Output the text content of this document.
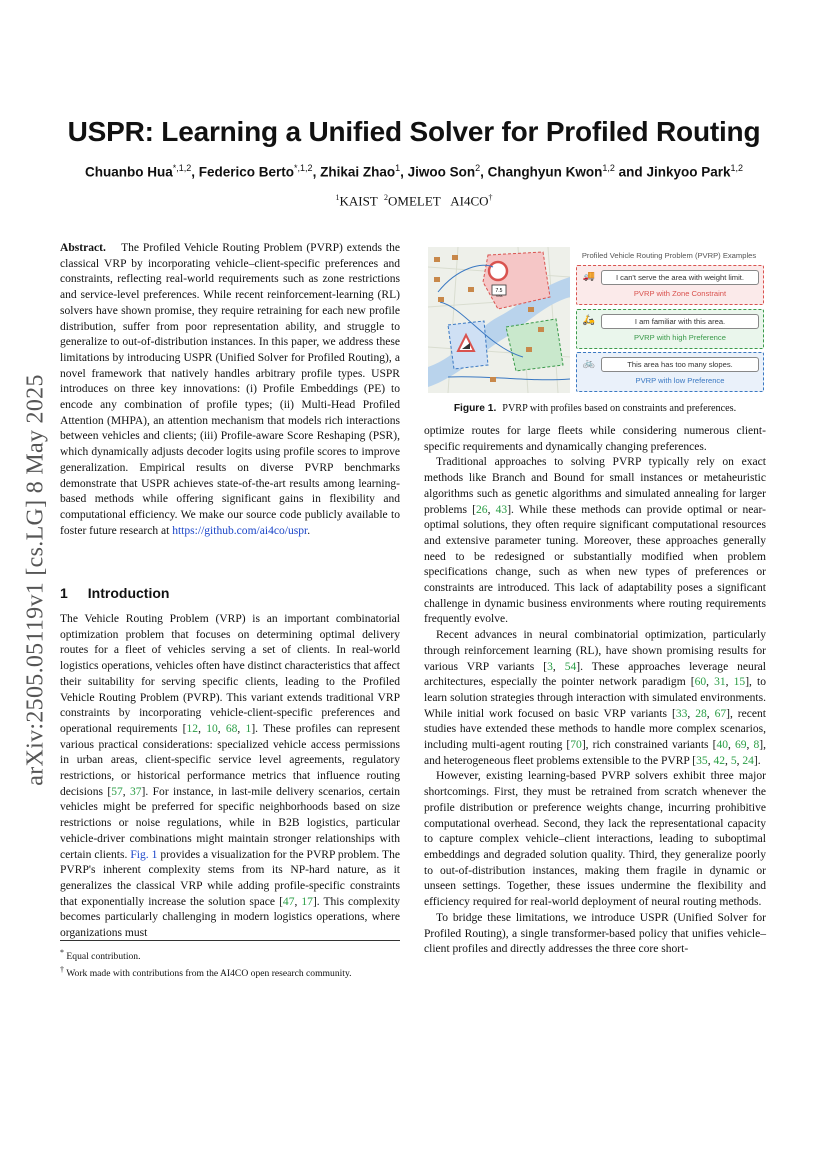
arXiv:2505.05119v1 [cs.LG] 8 May 2025
USPR: Learning a Unified Solver for Profiled Routing
Chuanbo Hua$^{*,1,2}$, Federico Berto$^{*,1,2}$, Zhikai Zhao$^1$, Jiwoo Son$^2$, Changhyun Kwon$^{1,2}$ and Jinkyoo Park$^{1,2}$
$^1$KAIST $^2$OMELET AI4CO†

Abstract. The Profiled Vehicle Routing Problem (PVRP) extends the classical VRP by incorporating vehicle–client-specific preferences and constraints, reflecting real-world requirements such as zone restrictions and service-level preferences. While recent reinforcement-learning (RL) solvers have shown promise, they require retraining for each new profile distribution, suffer from poor representation ability, and struggle to generalize to out-of-distribution instances. In this paper, we address these limitations by introducing USPR (Unified Solver for Profiled Routing), a novel framework that natively handles arbitrary profile types. USPR introduces on three key innovations: (i) Profile Embeddings (PE) to encode any combination of profile types; (ii) Multi-Head Profiled Attention (MHPA), an attention mechanism that models rich interactions between vehicles and clients; (iii) Profile-aware Score Reshaping (PSR), which dynamically adjusts decoder logits using profile scores to improve generalization. Empirical results on diverse PVRP benchmarks demonstrate that USPR achieves state-of-the-art results among learning-based methods while offering significant gains in flexibility and computational efficiency. We make our source code publicly available to foster future research at https://github.com/ai4co/uspr.

1 Introduction

The Vehicle Routing Problem (VRP) is an important combinatorial optimization problem that focuses on determining optimal delivery routes for a fleet of vehicles serving a set of clients. In real-world logistics operations, vehicles often have distinct characteristics that affect their suitability for serving specific clients, leading to the Profiled Vehicle Routing Problem (PVRP). This variant extends traditional VRP constraints by incorporating vehicle-client-specific preferences and operational requirements [12, 10, 68, 1]. These profiles can represent various practical considerations: specialized vehicle access permissions in urban areas, client-specific service level agreements, regulatory restrictions, or historical performance metrics that influence routing decisions [57, 37]. For instance, in last-mile delivery scenarios, certain vehicles might be preferred for specific neighborhoods based on size restrictions or noise regulations, while in B2B logistics, particular vehicle-driver combinations might maintain stronger relationships with certain clients. Fig. 1 provides a visualization for the PVRP problem. The PVRP's inherent complexity stems from its NP-hard nature, as it generalizes the classical VRP while adding profile-specific constraints that exponentially increase the solution space [47, 17]. This complexity becomes particularly challenging in modern logistics operations, where organizations must

* Equal contribution.
† Work made with contributions from the AI4CO open research community.
7.5
TONS
Profiled Vehicle Routing Problem (PVRP) Examples
🚚	I can't serve the area with weight limit.
PVRP with Zone Constraint
🛵	I am familiar with this area.
PVRP with high Preference
🚲	This area has too many slopes.
PVRP with low Preference
Figure 1. PVRP with profiles based on constraints and preferences.

optimize routes for large fleets while considering numerous client-specific requirements and dynamically changing preferences.

Traditional approaches to solving PVRP typically rely on exact methods like Branch and Bound for small instances or metaheuristic algorithms such as genetic algorithms and simulated annealing for larger problems [26, 43]. While these methods can provide optimal or near-optimal solutions, they often require significant computational resources and extensive parameter tuning. Moreover, these approaches generally need to be redesigned or substantially modified when problem specifications change, such as when new types of preferences or constraints are introduced. This lack of adaptability poses a significant challenge in dynamic business environments where routing requirements frequently evolve.

Recent advances in neural combinatorial optimization, particularly through reinforcement learning (RL), have shown promising results for various VRP variants [3, 54]. These approaches leverage neural architectures, especially the pointer network paradigm [60, 31, 15], to learn solution strategies through interaction with simulated environments. While initial work focused on basic VRP variants [33, 28, 67], recent studies have extended these methods to handle more complex scenarios, including multi-agent routing [70], rich constrained variants [40, 69, 8], and heterogeneous fleet problems extensible to the PVRP [35, 42, 5, 24].

However, existing learning-based PVRP solvers exhibit three major shortcomings. First, they must be retrained from scratch whenever the profile distribution or preference weights change, incurring prohibitive computational overhead. Second, they lack the representational capacity to capture complex vehicle–client interactions, leading to suboptimal embeddings and degraded solution quality. Third, they generalize poorly to out-of-distribution instances, making them fragile in dynamic or unseen settings. Together, these issues undermine the flexibility and efficiency required for real-world deployment of neural routing methods.

To bridge these limitations, we introduce USPR (Unified Solver for Profiled Routing), a single transformer-based policy that unifies vehicle–client profiles and directly addresses the three core short-
